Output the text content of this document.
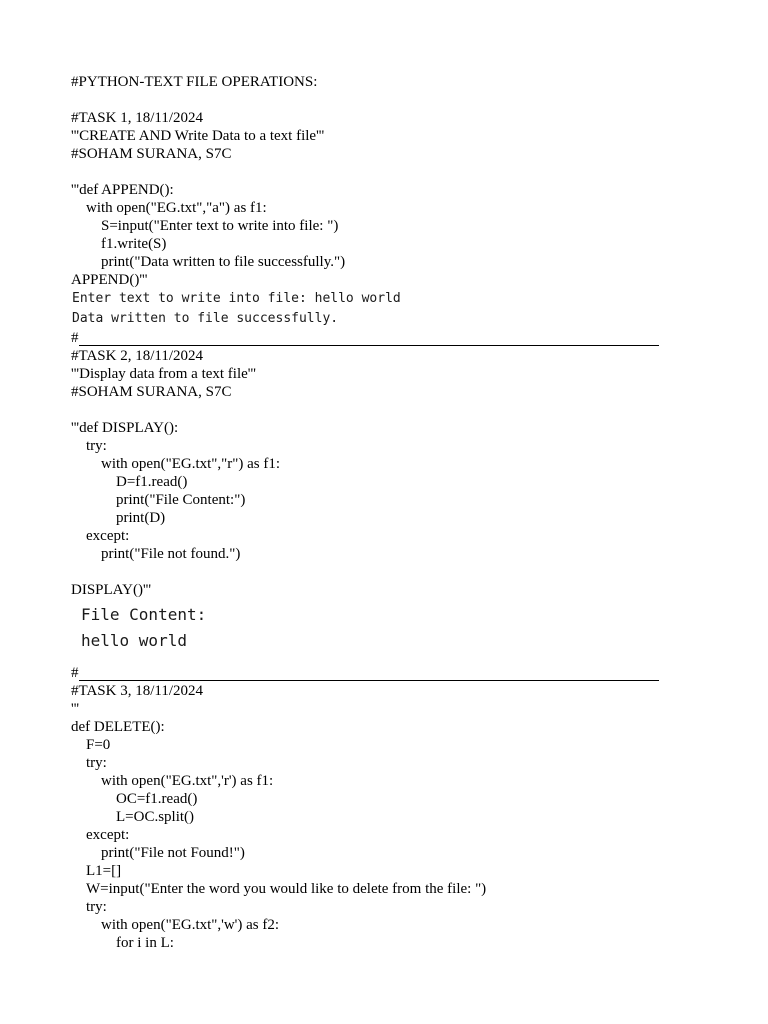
#PYTHON-TEXT FILE OPERATIONS:

#TASK 1, 18/11/2024

'''CREATE AND Write Data to a text file'''

#SOHAM SURANA, S7C

'''def APPEND():

with open("EG.txt","a") as f1:

S=input("Enter text to write into file: ")

f1.write(S)

print("Data written to file successfully.")

APPEND()'''

Enter text to write into file: hello world

Data written to file successfully.

#

#TASK 2, 18/11/2024

'''Display data from a text file'''

#SOHAM SURANA, S7C

'''def DISPLAY():

try:

with open("EG.txt","r") as f1:

D=f1.read()

print("File Content:")

print(D)

except:

print("File not found.")

DISPLAY()'''

File Content:

hello world

#

#TASK 3, 18/11/2024

'''

def DELETE():

F=0

try:

with open("EG.txt",'r') as f1:

OC=f1.read()

L=OC.split()

except:

print("File not Found!")

L1=[]

W=input("Enter the word you would like to delete from the file: ")

try:

with open("EG.txt",'w') as f2:

for i in L:
